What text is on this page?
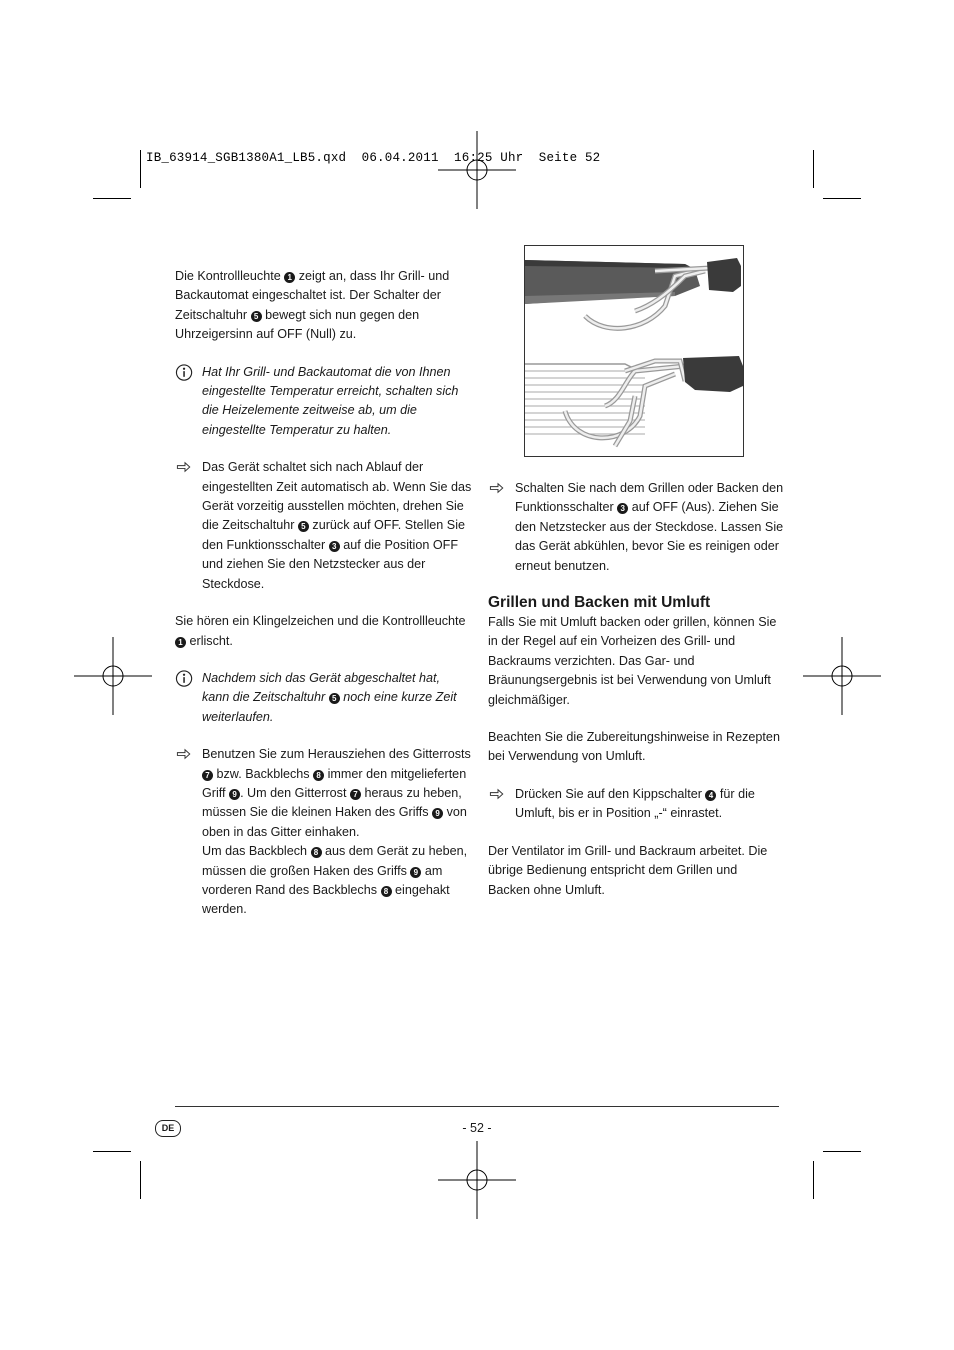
IB_63914_SGB1380A1_LB5.qxd  06.04.2011  16:25 Uhr  Seite 52

Die Kontrollleuchte 1 zeigt an, dass Ihr Grill- und Backautomat eingeschaltet ist. Der Schalter der Zeitschaltuhr 5 bewegt sich nun gegen den Uhrzeigersinn auf OFF (Null) zu.

Hat Ihr Grill- und Backautomat die von Ihnen eingestellte Temperatur erreicht, schalten sich die Heizelemente zeitweise ab, um die eingestellte Temperatur zu halten.

Das Gerät schaltet sich nach Ablauf der eingestellten Zeit automatisch ab. Wenn Sie das Gerät vorzeitig ausstellen möchten, drehen Sie die Zeitschaltuhr 5 zurück auf OFF. Stellen Sie den Funktionsschalter 3 auf die Position OFF und ziehen Sie den Netzstecker aus der Steckdose.

Sie hören ein Klingelzeichen und die Kontrollleuchte 1 erlischt.

Nachdem sich das Gerät abgeschaltet hat, kann die Zeitschaltuhr 5 noch eine kurze Zeit weiterlaufen.

Benutzen Sie zum Herausziehen des Gitterrosts 7 bzw. Backblechs 8 immer den mitgelieferten Griff 9 . Um den Gitterrost 7 heraus zu heben, müssen Sie die kleinen Haken des Griffs 9 von oben in das Gitter einhaken.

Um das Backblech 8 aus dem Gerät zu heben, müssen die großen Haken des Griffs 9 am vorderen Rand des Backblechs 8 eingehakt werden.

Schalten Sie nach dem Grillen oder Backen den Funktionsschalter 3 auf OFF (Aus). Ziehen Sie den Netzstecker aus der Steckdose. Lassen Sie das Gerät abkühlen, bevor Sie es reinigen oder erneut benutzen.

Grillen und Backen mit Umluft

Falls Sie mit Umluft backen oder grillen, können Sie in der Regel auf ein Vorheizen des Grill- und Backraums verzichten. Das Gar- und Bräunungsergebnis ist bei Verwendung von Umluft gleichmäßiger.

Beachten Sie die Zubereitungshinweise in Rezepten bei Verwendung von Umluft.

Drücken Sie auf den Kippschalter 4 für die Umluft, bis er in Position „-“ einrastet.

Der Ventilator im Grill- und Backraum arbeitet. Die übrige Bedienung entspricht dem Grillen und Backen ohne Umluft.

DE	- 52 -
